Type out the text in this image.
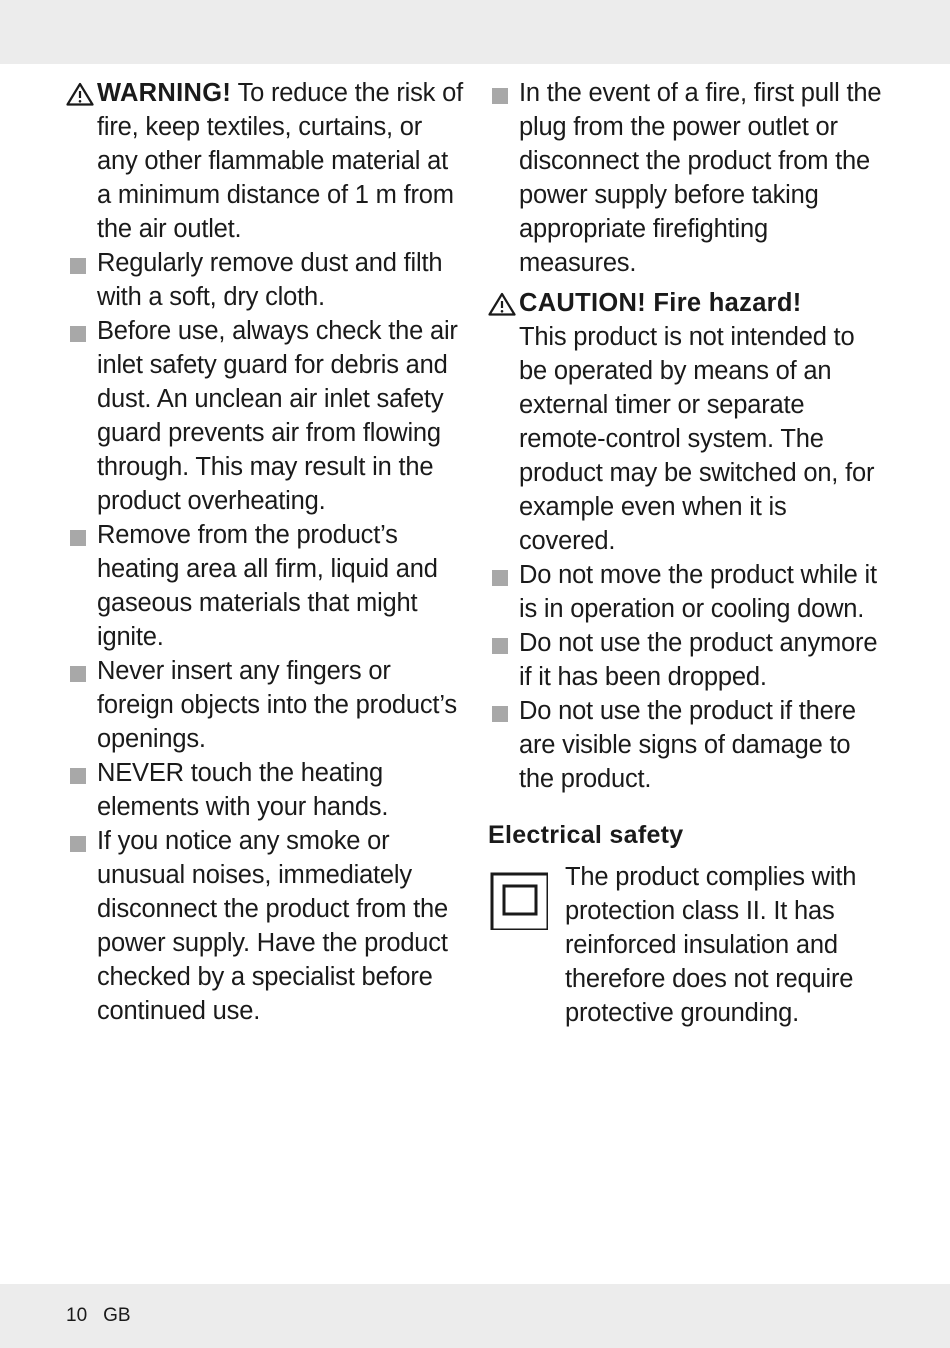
WARNING! To reduce the risk of fire, keep textiles, curtains, or any other flammable material at a minimum distance of 1 m from the air outlet.

Regularly remove dust and filth with a soft, dry cloth.

Before use, always check the air inlet safety guard for debris and dust. An unclean air inlet safety guard prevents air from flowing through. This may result in the product overheating.

Remove from the product’s heating area all firm, liquid and gaseous materials that might ignite.

Never insert any fingers or foreign objects into the product’s openings.

NEVER touch the heating elements with your hands.

If you notice any smoke or unusual noises, immediately disconnect the product from the power supply. Have the product checked by a specialist before continued use.

In the event of a fire, first pull the plug from the power outlet or disconnect the product from the power supply before taking appropriate firefighting measures.

CAUTION! Fire hazard!
This product is not intended to be operated by means of an external timer or separate remote-control system. The product may be switched on, for example even when it is covered.

Do not move the product while it is in operation or cooling down.

Do not use the product anymore if it has been dropped.

Do not use the product if there are visible signs of damage to the product.

Electrical safety

The product complies with protection class II. It has reinforced insulation and therefore does not require protective grounding.

10 GB
